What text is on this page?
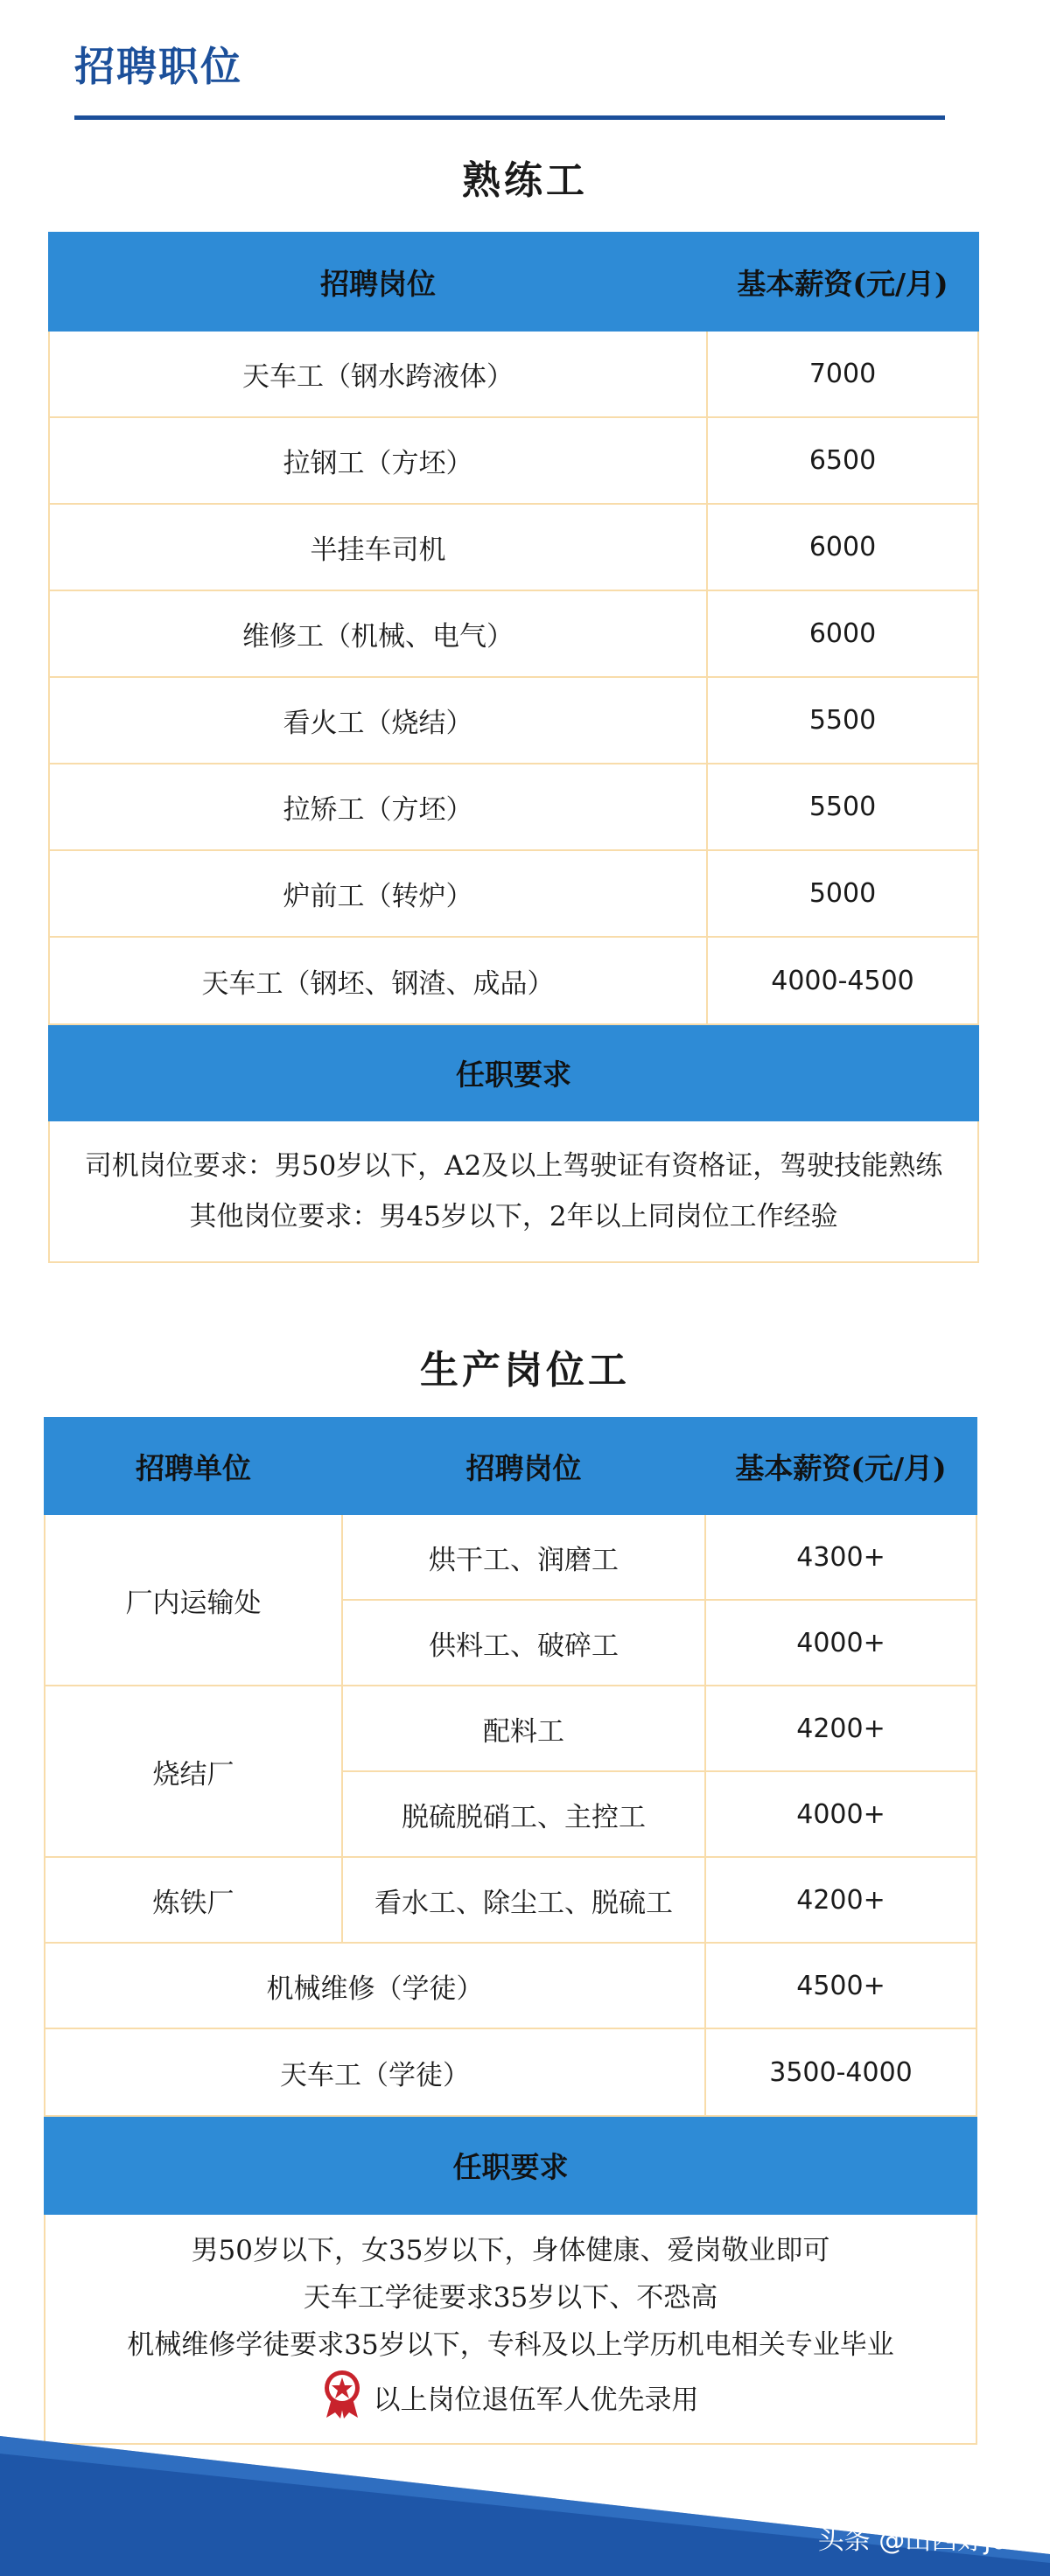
招聘职位
熟练工
招聘岗位	基本薪资(元/月)
天车工（钢水跨液体）	7000
拉钢工（方坯）	6500
半挂车司机	6000
维修工（机械、电气）	6000
看火工（烧结）	5500
拉矫工（方坯）	5500
炉前工（转炉）	5000
天车工（钢坯、钢渣、成品）	4000-4500
任职要求	

司机岗位要求：男50岁以下，A2及以上驾驶证有资格证，驾驶技能熟练
其他岗位要求：男45岁以下，2年以上同岗位工作经验	
生产岗位工
招聘单位	招聘岗位	基本薪资(元/月)
厂内运输处	烘干工、润磨工	4300+
	供料工、破碎工	4000+
烧结厂	配料工	4200+
	脱硫脱硝工、主控工	4000+
炼铁厂	看水工、除尘工、脱硫工	4200+
机械维修（学徒）		4500+
天车工（学徒）		3500-4000
任职要求		

男50岁以下，女35岁以下，身体健康、爱岗敬业即可
天车工学徒要求35岁以下、不恐高
机械维修学徒要求35岁以下，专科及以上学历机电相关专业毕业
以上岗位退伍军人优先录用		
头条 @山西好job
